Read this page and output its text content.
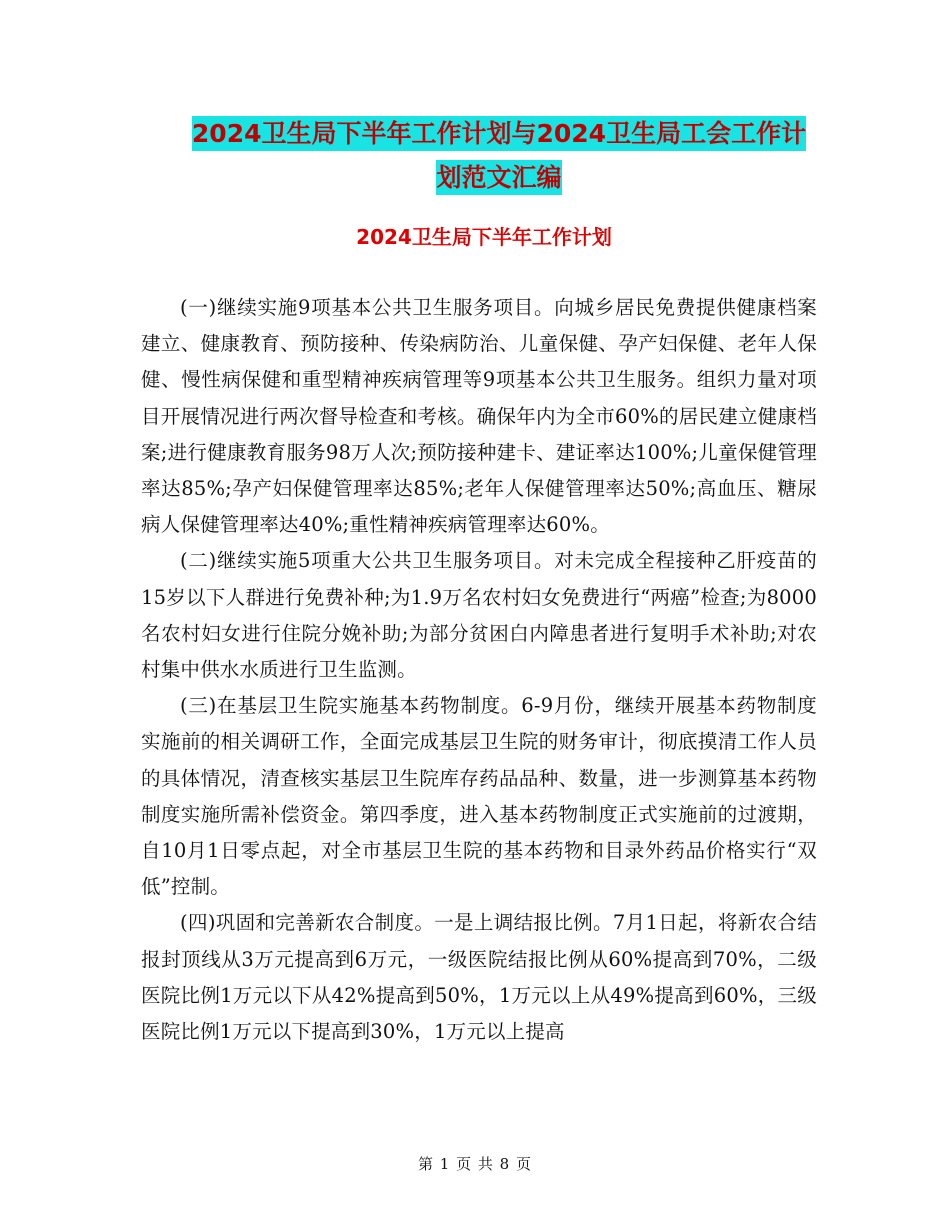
2024卫生局下半年工作计划与2024卫生局工会工作计
划范文汇编
2024卫生局下半年工作计划

(一)继续实施9项基本公共卫生服务项目。向城乡居民免费提供健康档案建立、健康教育、预防接种、传染病防治、儿童保健、孕产妇保健、老年人保健、慢性病保健和重型精神疾病管理等9项基本公共卫生服务。组织力量对项目开展情况进行两次督导检查和考核。确保年内为全市60%的居民建立健康档案;进行健康教育服务98万人次;预防接种建卡、建证率达100%;儿童保健管理率达85%;孕产妇保健管理率达85%;老年人保健管理率达50%;高血压、糖尿病人保健管理率达40%;重性精神疾病管理率达60%。

(二)继续实施5项重大公共卫生服务项目。对未完成全程接种乙肝疫苗的15岁以下人群进行免费补种;为1.9万名农村妇女免费进行“两癌”检查;为8000名农村妇女进行住院分娩补助;为部分贫困白内障患者进行复明手术补助;对农村集中供水水质进行卫生监测。

(三)在基层卫生院实施基本药物制度。6-9月份，继续开展基本药物制度实施前的相关调研工作，全面完成基层卫生院的财务审计，彻底摸清工作人员的具体情况，清查核实基层卫生院库存药品品种、数量，进一步测算基本药物制度实施所需补偿资金。第四季度，进入基本药物制度正式实施前的过渡期，自10月1日零点起，对全市基层卫生院的基本药物和目录外药品价格实行“双低”控制。

(四)巩固和完善新农合制度。一是上调结报比例。7月1日起，将新农合结报封顶线从3万元提高到6万元，一级医院结报比例从60%提高到70%，二级医院比例1万元以下从42%提高到50%，1万元以上从49%提高到60%，三级医院比例1万元以下提高到30%，1万元以上提高

第 1 页 共 8 页
